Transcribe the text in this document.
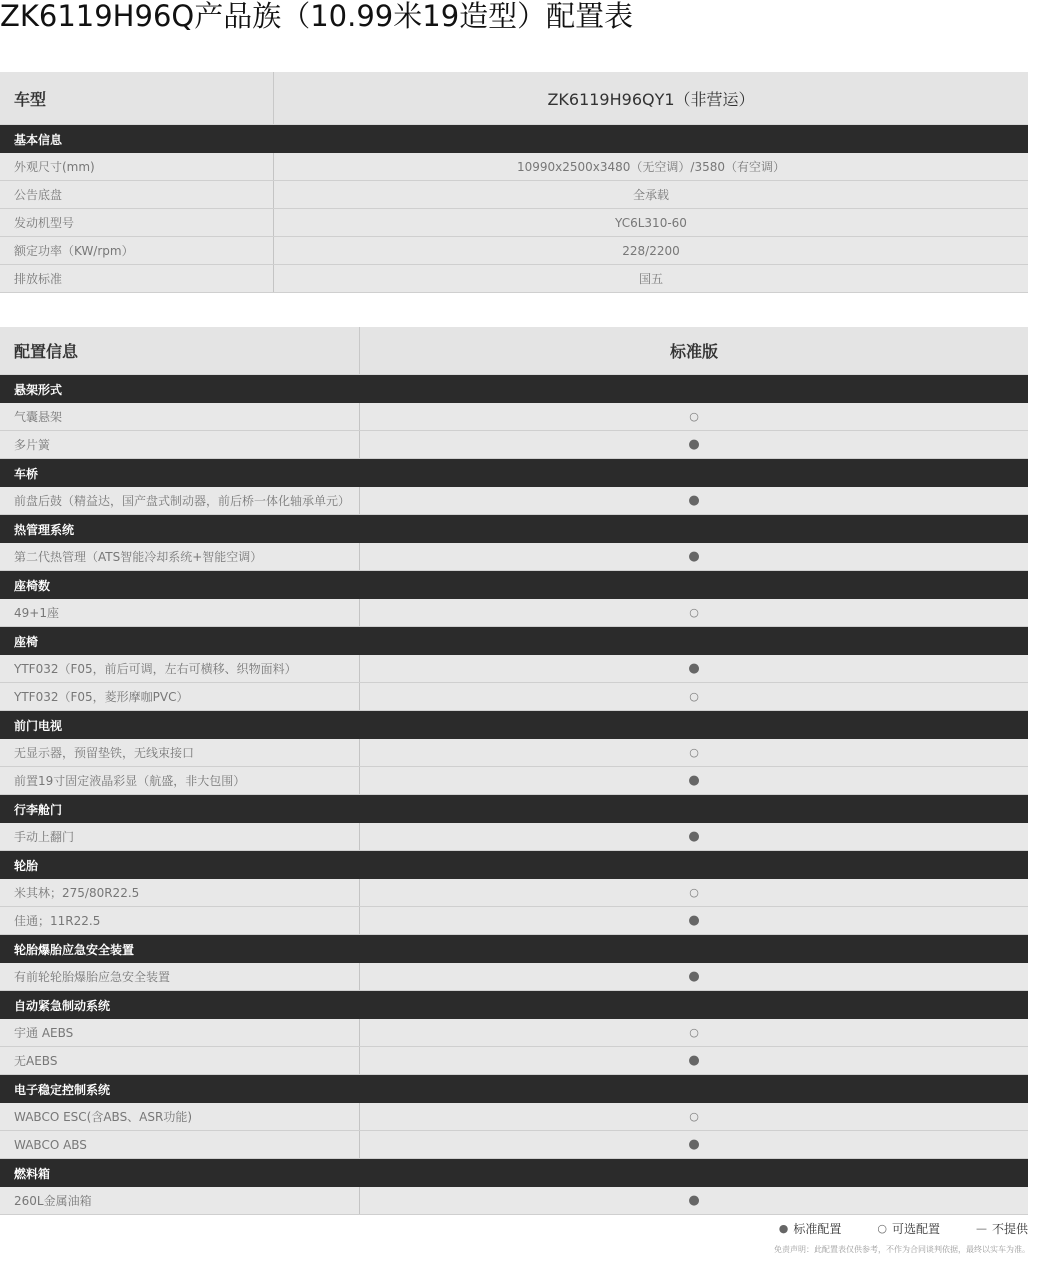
ZK6119H96Q产品族（10.99米19造型）配置表
车型	ZK6119H96QY1（非营运）
基本信息
外观尺寸(mm)	10990x2500x3480（无空调）/3580（有空调）
公告底盘	全承载
发动机型号	YC6L310-60
额定功率（KW/rpm）	228/2200
排放标准	国五
配置信息	标准版
悬架形式
气囊悬架	○
多片簧	●
车桥
前盘后鼓（精益达，国产盘式制动器，前后桥一体化轴承单元）	●
热管理系统
第二代热管理（ATS智能冷却系统+智能空调）	●
座椅数
49+1座	○
座椅
YTF032（F05，前后可调，左右可横移、织物面料）	●
YTF032（F05，菱形摩咖PVC）	○
前门电视
无显示器，预留垫铁，无线束接口	○
前置19寸固定液晶彩显（航盛，非大包围）	●
行李舱门
手动上翻门	●
轮胎
米其林；275/80R22.5	○
佳通；11R22.5	●
轮胎爆胎应急安全装置
有前轮轮胎爆胎应急安全装置	●
自动紧急制动系统
宇通 AEBS	○
无AEBS	●
电子稳定控制系统
WABCO ESC(含ABS、ASR功能)	○
WABCO ABS	●
燃料箱
260L金属油箱	●
● 标准配置	○ 可选配置	— 不提供
免责声明：此配置表仅供参考，不作为合同谈判依据，最终以实车为准。
